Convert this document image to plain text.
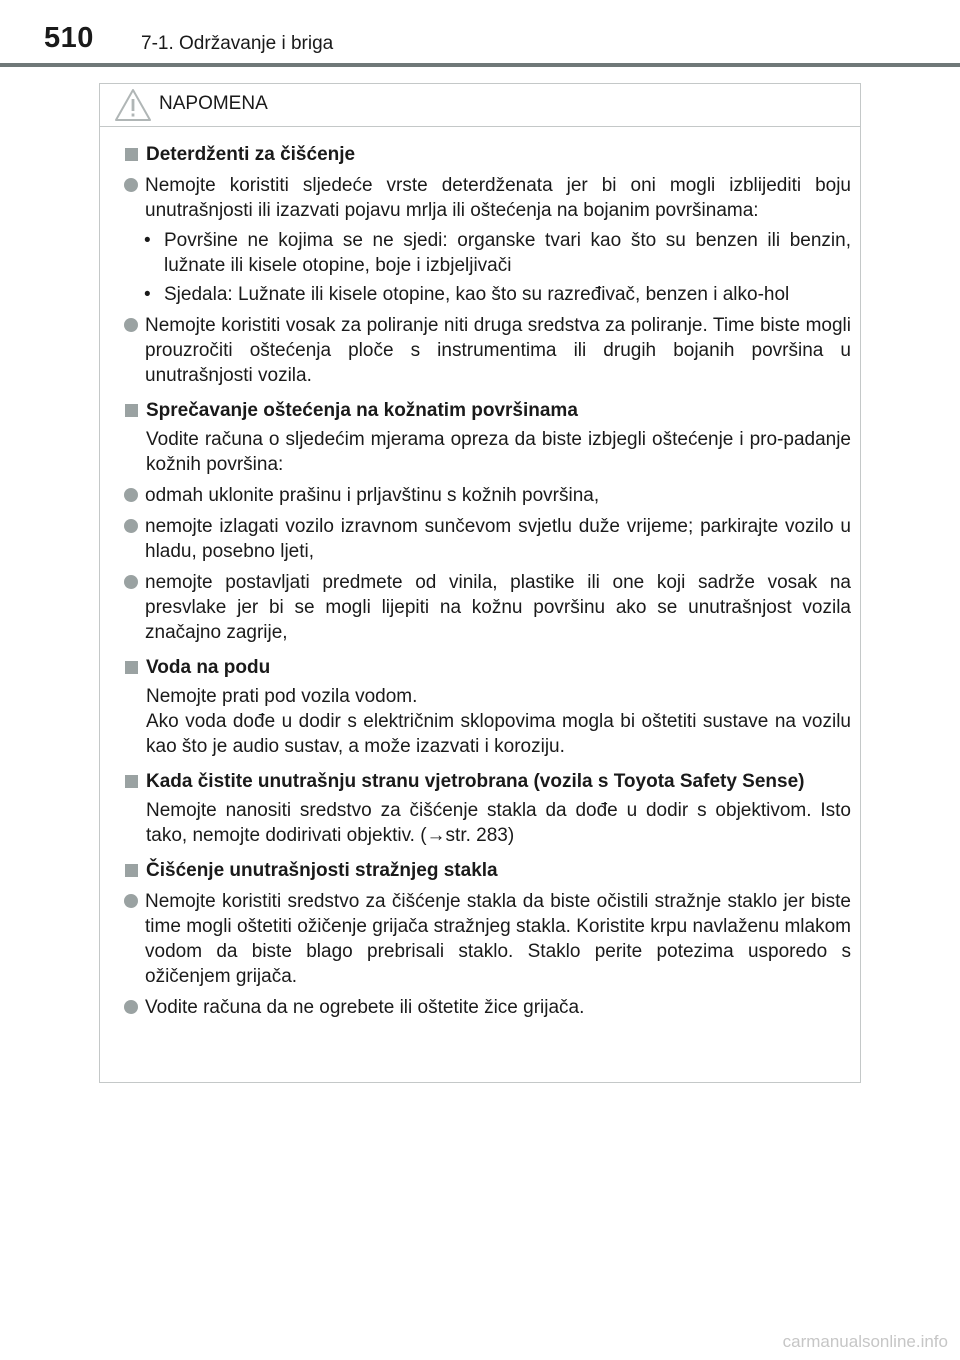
510 7-1. Održavanje i briga
NAPOMENA
Deterdženti za čišćenje
Nemojte koristiti sljedeće vrste deterdženata jer bi oni mogli izblijediti boju unutrašnjosti ili izazvati pojavu mrlja ili oštećenja na bojanim površinama:
• Površine ne kojima se ne sjedi: organske tvari kao što su benzen ili benzin, lužnate ili kisele otopine, boje i izbjeljivači
• Sjedala: Lužnate ili kisele otopine, kao što su razređivač, benzen i alko-hol
Nemojte koristiti vosak za poliranje niti druga sredstva za poliranje. Time biste mogli prouzročiti oštećenja ploče s instrumentima ili drugih bojanih površina u unutrašnjosti vozila.
Sprečavanje oštećenja na kožnatim površinama
Vodite računa o sljedećim mjerama opreza da biste izbjegli oštećenje i pro-padanje kožnih površina:
odmah uklonite prašinu i prljavštinu s kožnih površina,
nemojte izlagati vozilo izravnom sunčevom svjetlu duže vrijeme; parkirajte vozilo u hladu, posebno ljeti,
nemojte postavljati predmete od vinila, plastike ili one koji sadrže vosak na presvlake jer bi se mogli lijepiti na kožnu površinu ako se unutrašnjost vozila značajno zagrije,
Voda na podu
Nemojte prati pod vozila vodom.
Ako voda dođe u dodir s električnim sklopovima mogla bi oštetiti sustave na vozilu kao što je audio sustav, a može izazvati i koroziju.
Kada čistite unutrašnju stranu vjetrobrana (vozila s Toyota Safety Sense)
Nemojte nanositi sredstvo za čišćenje stakla da dođe u dodir s objektivom. Isto tako, nemojte dodirivati objektiv. (→str. 283)
Čišćenje unutrašnjosti stražnjeg stakla
Nemojte koristiti sredstvo za čišćenje stakla da biste očistili stražnje staklo jer biste time mogli oštetiti ožičenje grijača stražnjeg stakla. Koristite krpu navlaženu mlakom vodom da biste blago prebrisali staklo. Staklo perite potezima usporedo s ožičenjem grijača.
Vodite računa da ne ogrebete ili oštetite žice grijača.
carmanualsonline.info
